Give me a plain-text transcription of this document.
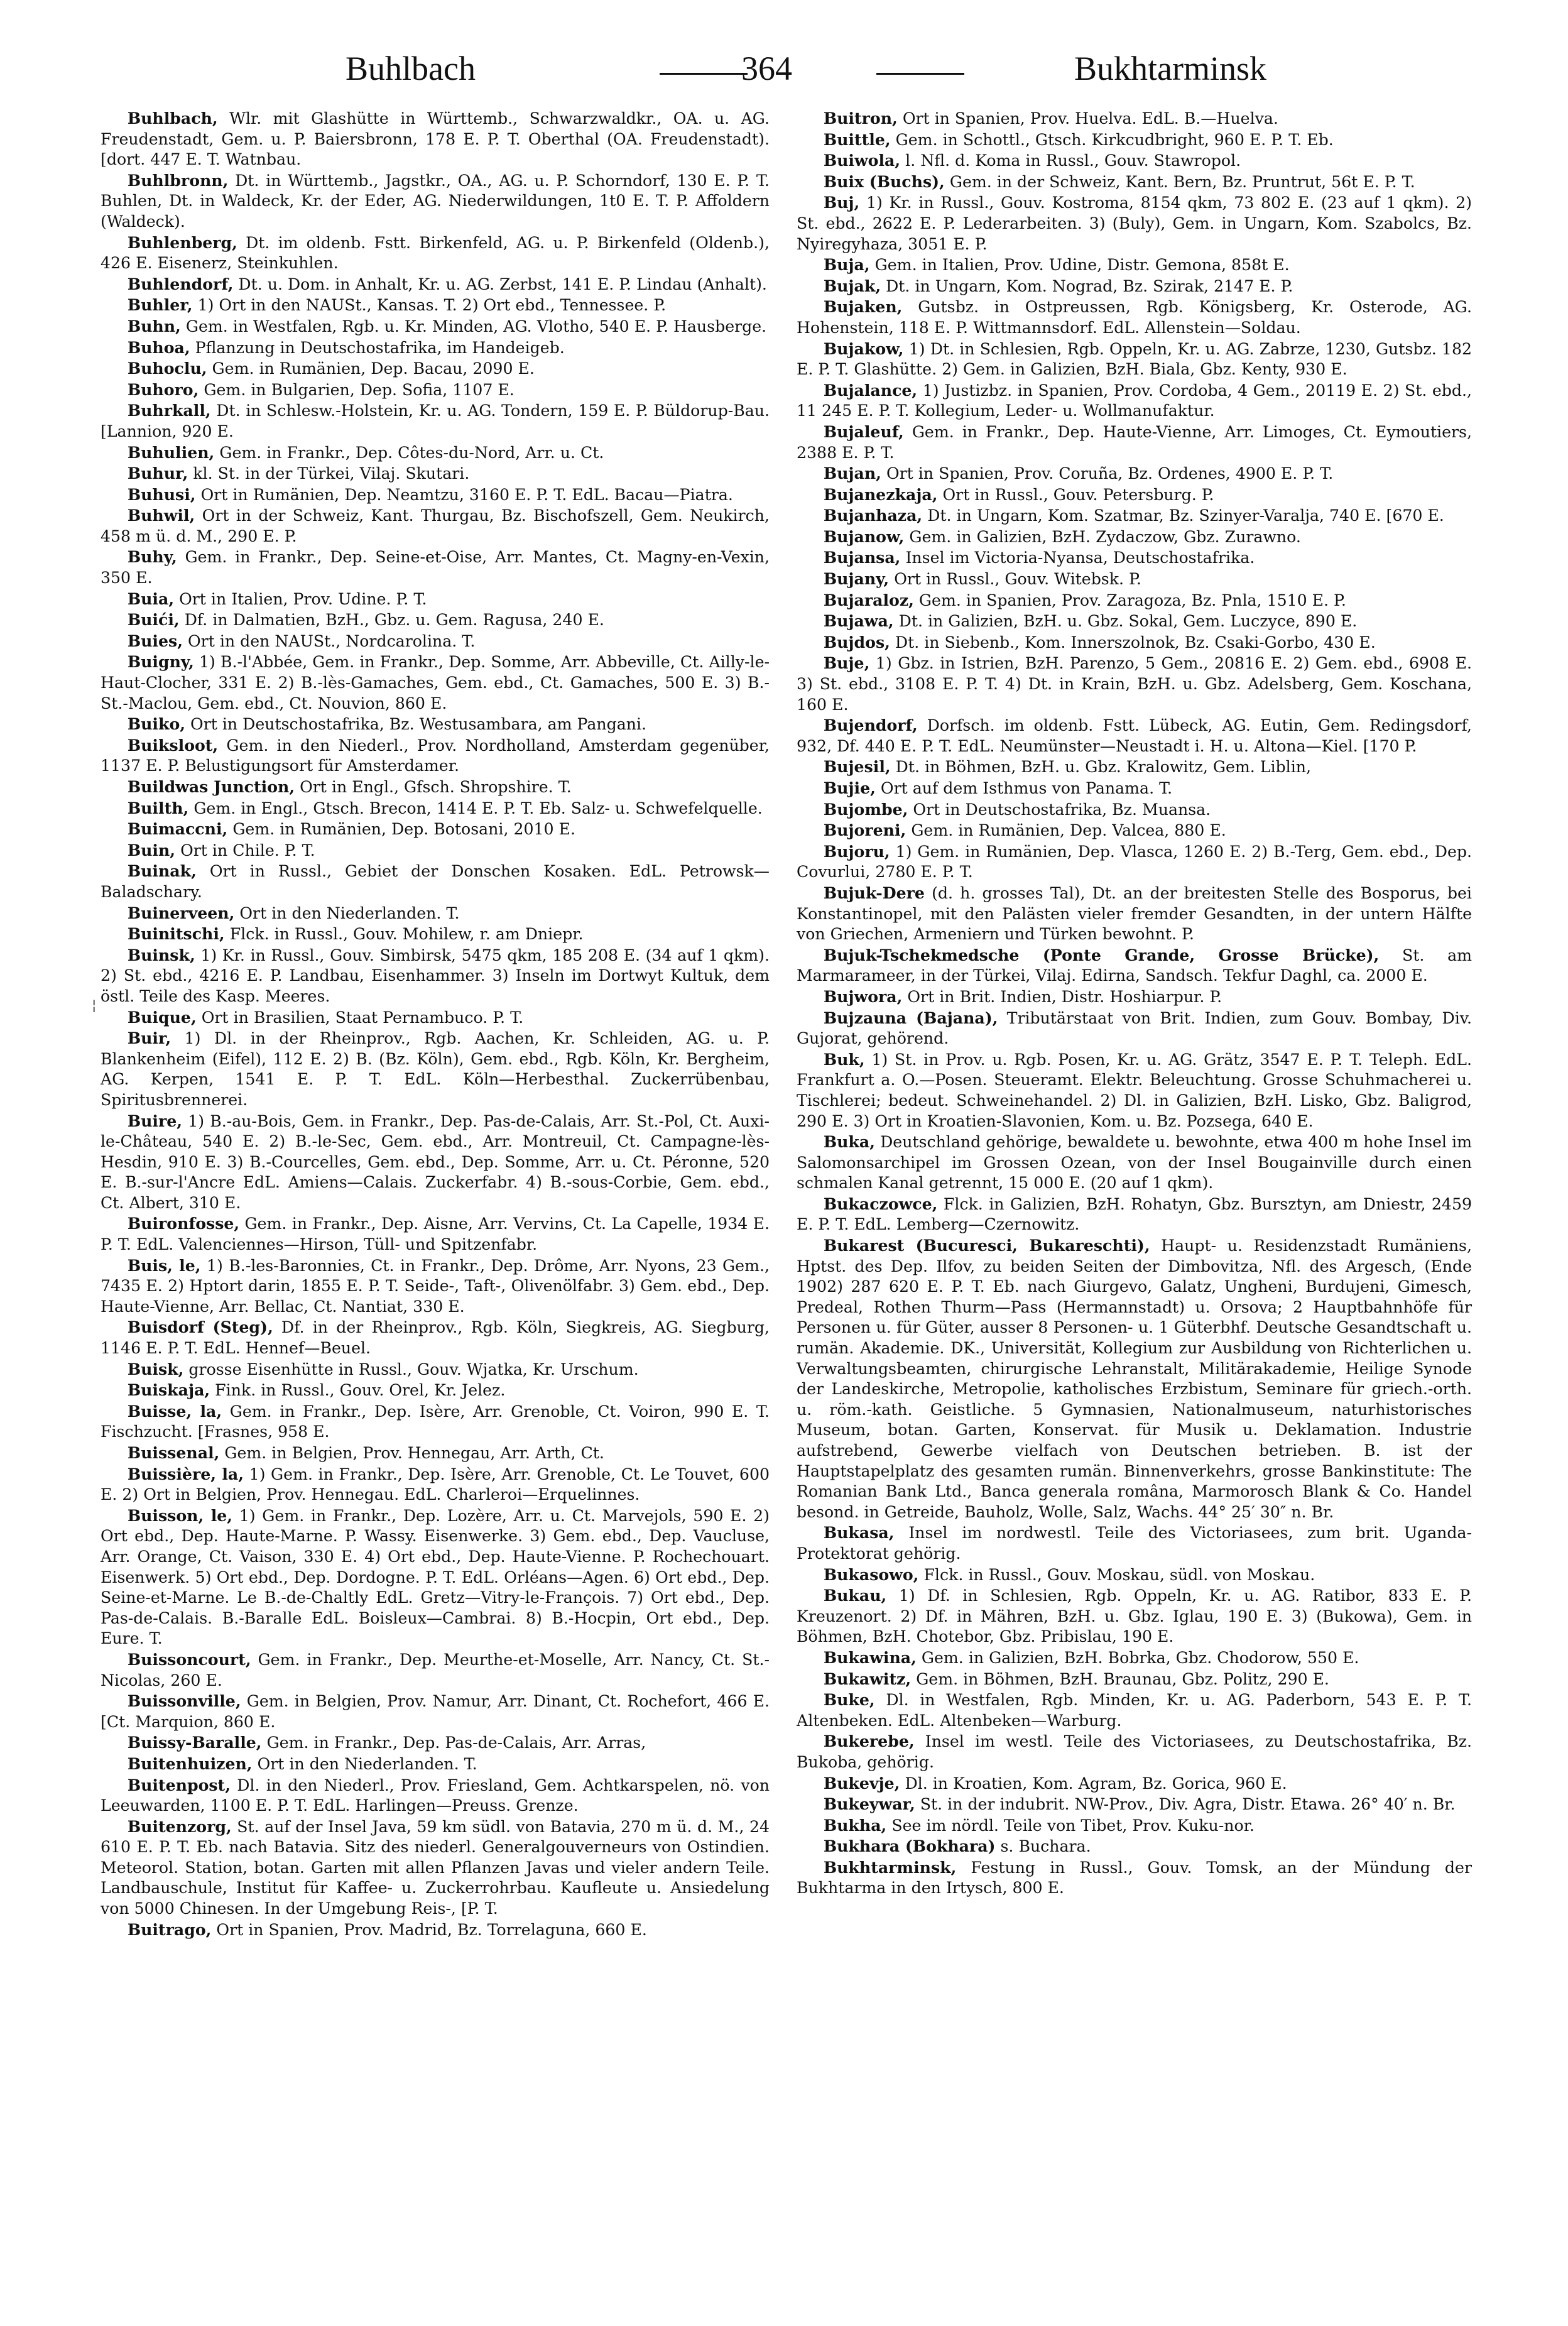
Buhlbach	364	Bukhtarminsk
¦

Buhlbach, Wlr. mit Glashütte in Württemb., Schwarzwaldkr., OA. u. AG. Freudenstadt, Gem. u. P. Baiersbronn, 178 E. P. T. Oberthal (OA. Freudenstadt). [dort. 447 E. T. Watnbau.

Buhlbronn, Dt. in Württemb., Jagstkr., OA., AG. u. P. Schorndorf, 130 E. P. T. Buhlen, Dt. in Waldeck, Kr. der Eder, AG. Niederwildungen, 1t0 E. T. P. Affoldern (Waldeck).

Buhlenberg, Dt. im oldenb. Fstt. Birkenfeld, AG. u. P. Birkenfeld (Oldenb.), 426 E. Eisenerz, Steinkuhlen.

Buhlendorf, Dt. u. Dom. in Anhalt, Kr. u. AG. Zerbst, 141 E. P. Lindau (Anhalt).

Buhler, 1) Ort in den NAUSt., Kansas. T. 2) Ort ebd., Tennessee. P.

Buhn, Gem. in Westfalen, Rgb. u. Kr. Minden, AG. Vlotho, 540 E. P. Hausberge.

Buhoa, Pflanzung in Deutschostafrika, im Handeigeb.

Buhoclu, Gem. in Rumänien, Dep. Bacau, 2090 E.

Buhoro, Gem. in Bulgarien, Dep. Sofia, 1107 E.

Buhrkall, Dt. in Schlesw.-Holstein, Kr. u. AG. Tondern, 159 E. P. Büldorup-Bau. [Lannion, 920 E.

Buhulien, Gem. in Frankr., Dep. Côtes-du-Nord, Arr. u. Ct.

Buhur, kl. St. in der Türkei, Vilaj. Skutari.

Buhusi, Ort in Rumänien, Dep. Neamtzu, 3160 E. P. T. EdL. Bacau—Piatra.

Buhwil, Ort in der Schweiz, Kant. Thurgau, Bz. Bischofszell, Gem. Neukirch, 458 m ü. d. M., 290 E. P.

Buhy, Gem. in Frankr., Dep. Seine-et-Oise, Arr. Mantes, Ct. Magny-en-Vexin, 350 E.

Buia, Ort in Italien, Prov. Udine. P. T.

Buići, Df. in Dalmatien, BzH., Gbz. u. Gem. Ragusa, 240 E.

Buies, Ort in den NAUSt., Nordcarolina. T.

Buigny, 1) B.-l'Abbée, Gem. in Frankr., Dep. Somme, Arr. Abbeville, Ct. Ailly-le-Haut-Clocher, 331 E. 2) B.-lès-Gamaches, Gem. ebd., Ct. Gamaches, 500 E. 3) B.-St.-Maclou, Gem. ebd., Ct. Nouvion, 860 E.

Buiko, Ort in Deutschostafrika, Bz. Westusambara, am Pangani.

Buiksloot, Gem. in den Niederl., Prov. Nordholland, Amsterdam gegenüber, 1137 E. P. Belustigungsort für Amsterdamer.

Buildwas Junction, Ort in Engl., Gfsch. Shropshire. T.

Builth, Gem. in Engl., Gtsch. Brecon, 1414 E. P. T. Eb. Salz- u. Schwefelquelle.

Buimaccni, Gem. in Rumänien, Dep. Botosani, 2010 E.

Buin, Ort in Chile. P. T.

Buinak, Ort in Russl., Gebiet der Donschen Kosaken. EdL. Petrowsk—Baladschary.

Buinerveen, Ort in den Niederlanden. T.

Buinitschi, Flck. in Russl., Gouv. Mohilew, r. am Dniepr.

Buinsk, 1) Kr. in Russl., Gouv. Simbirsk, 5475 qkm, 185 208 E. (34 auf 1 qkm). 2) St. ebd., 4216 E. P. Landbau, Eisenhammer. 3) Inseln im Dortwyt Kultuk, dem östl. Teile des Kasp. Meeres.

Buique, Ort in Brasilien, Staat Pernambuco. P. T.

Buir, 1) Dl. in der Rheinprov., Rgb. Aachen, Kr. Schleiden, AG. u. P. Blankenheim (Eifel), 112 E. 2) B. (Bz. Köln), Gem. ebd., Rgb. Köln, Kr. Bergheim, AG. Kerpen, 1541 E. P. T. EdL. Köln—Herbesthal. Zuckerrübenbau, Spiritusbrennerei.

Buire, 1) B.-au-Bois, Gem. in Frankr., Dep. Pas-de-Calais, Arr. St.-Pol, Ct. Auxi-le-Château, 540 E. 2) B.-le-Sec, Gem. ebd., Arr. Montreuil, Ct. Campagne-lès-Hesdin, 910 E. 3) B.-Courcelles, Gem. ebd., Dep. Somme, Arr. u. Ct. Péronne, 520 E. B.-sur-l'Ancre EdL. Amiens—Calais. Zuckerfabr. 4) B.-sous-Corbie, Gem. ebd., Ct. Albert, 310 E.

Buironfosse, Gem. in Frankr., Dep. Aisne, Arr. Vervins, Ct. La Capelle, 1934 E. P. T. EdL. Valenciennes—Hirson, Tüll- und Spitzenfabr.

Buis, le, 1) B.-les-Baronnies, Ct. in Frankr., Dep. Drôme, Arr. Nyons, 23 Gem., 7435 E. 2) Hptort darin, 1855 E. P. T. Seide-, Taft-, Olivenölfabr. 3) Gem. ebd., Dep. Haute-Vienne, Arr. Bellac, Ct. Nantiat, 330 E.

Buisdorf (Steg), Df. in der Rheinprov., Rgb. Köln, Siegkreis, AG. Siegburg, 1146 E. P. T. EdL. Hennef—Beuel.

Buisk, grosse Eisenhütte in Russl., Gouv. Wjatka, Kr. Urschum.

Buiskaja, Fink. in Russl., Gouv. Orel, Kr. Jelez.

Buisse, la, Gem. in Frankr., Dep. Isère, Arr. Grenoble, Ct. Voiron, 990 E. T. Fischzucht. [Frasnes, 958 E.

Buissenal, Gem. in Belgien, Prov. Hennegau, Arr. Arth, Ct.

Buissière, la, 1) Gem. in Frankr., Dep. Isère, Arr. Grenoble, Ct. Le Touvet, 600 E. 2) Ort in Belgien, Prov. Hennegau. EdL. Charleroi—Erquelinnes.

Buisson, le, 1) Gem. in Frankr., Dep. Lozère, Arr. u. Ct. Marvejols, 590 E. 2) Ort ebd., Dep. Haute-Marne. P. Wassy. Eisenwerke. 3) Gem. ebd., Dep. Vaucluse, Arr. Orange, Ct. Vaison, 330 E. 4) Ort ebd., Dep. Haute-Vienne. P. Rochechouart. Eisenwerk. 5) Ort ebd., Dep. Dordogne. P. T. EdL. Orléans—Agen. 6) Ort ebd., Dep. Seine-et-Marne. Le B.-de-Chaltly EdL. Gretz—Vitry-le-François. 7) Ort ebd., Dep. Pas-de-Calais. B.-Baralle EdL. Boisleux—Cambrai. 8) B.-Hocpin, Ort ebd., Dep. Eure. T.

Buissoncourt, Gem. in Frankr., Dep. Meurthe-et-Moselle, Arr. Nancy, Ct. St.-Nicolas, 260 E.

Buissonville, Gem. in Belgien, Prov. Namur, Arr. Dinant, Ct. Rochefort, 466 E. [Ct. Marquion, 860 E.

Buissy-Baralle, Gem. in Frankr., Dep. Pas-de-Calais, Arr. Arras,

Buitenhuizen, Ort in den Niederlanden. T.

Buitenpost, Dl. in den Niederl., Prov. Friesland, Gem. Achtkarspelen, nö. von Leeuwarden, 1100 E. P. T. EdL. Harlingen—Preuss. Grenze.

Buitenzorg, St. auf der Insel Java, 59 km südl. von Batavia, 270 m ü. d. M., 24 610 E. P. T. Eb. nach Batavia. Sitz des niederl. Generalgouverneurs von Ostindien. Meteorol. Station, botan. Garten mit allen Pflanzen Javas und vieler andern Teile. Landbauschule, Institut für Kaffee- u. Zuckerrohrbau. Kaufleute u. Ansiedelung von 5000 Chinesen. In der Umgebung Reis-, [P. T.

Buitrago, Ort in Spanien, Prov. Madrid, Bz. Torrelaguna, 660 E.

Buitron, Ort in Spanien, Prov. Huelva. EdL. B.—Huelva.

Buittle, Gem. in Schottl., Gtsch. Kirkcudbright, 960 E. P. T. Eb.

Buiwola, l. Nfl. d. Koma in Russl., Gouv. Stawropol.

Buix (Buchs), Gem. in der Schweiz, Kant. Bern, Bz. Pruntrut, 56t E. P. T.

Buj, 1) Kr. in Russl., Gouv. Kostroma, 8154 qkm, 73 802 E. (23 auf 1 qkm). 2) St. ebd., 2622 E. P. Lederarbeiten. 3) (Buly), Gem. in Ungarn, Kom. Szabolcs, Bz. Nyiregyhaza, 3051 E. P.

Buja, Gem. in Italien, Prov. Udine, Distr. Gemona, 858t E.

Bujak, Dt. in Ungarn, Kom. Nograd, Bz. Szirak, 2147 E. P.

Bujaken, Gutsbz. in Ostpreussen, Rgb. Königsberg, Kr. Osterode, AG. Hohenstein, 118 E. P. Wittmannsdorf. EdL. Allenstein—Soldau.

Bujakow, 1) Dt. in Schlesien, Rgb. Oppeln, Kr. u. AG. Zabrze, 1230, Gutsbz. 182 E. P. T. Glashütte. 2) Gem. in Galizien, BzH. Biala, Gbz. Kenty, 930 E.

Bujalance, 1) Justizbz. in Spanien, Prov. Cordoba, 4 Gem., 20119 E. 2) St. ebd., 11 245 E. P. T. Kollegium, Leder- u. Wollmanufaktur.

Bujaleuf, Gem. in Frankr., Dep. Haute-Vienne, Arr. Limoges, Ct. Eymoutiers, 2388 E. P. T.

Bujan, Ort in Spanien, Prov. Coruña, Bz. Ordenes, 4900 E. P. T.

Bujanezkaja, Ort in Russl., Gouv. Petersburg. P.

Bujanhaza, Dt. in Ungarn, Kom. Szatmar, Bz. Szinyer-Varalja, 740 E. [670 E.

Bujanow, Gem. in Galizien, BzH. Zydaczow, Gbz. Zurawno.

Bujansa, Insel im Victoria-Nyansa, Deutschostafrika.

Bujany, Ort in Russl., Gouv. Witebsk. P.

Bujaraloz, Gem. in Spanien, Prov. Zaragoza, Bz. Pnla, 1510 E. P.

Bujawa, Dt. in Galizien, BzH. u. Gbz. Sokal, Gem. Luczyce, 890 E.

Bujdos, Dt. in Siebenb., Kom. Innerszolnok, Bz. Csaki-Gorbo, 430 E.

Buje, 1) Gbz. in Istrien, BzH. Parenzo, 5 Gem., 20816 E. 2) Gem. ebd., 6908 E. 3) St. ebd., 3108 E. P. T. 4) Dt. in Krain, BzH. u. Gbz. Adelsberg, Gem. Koschana, 160 E.

Bujendorf, Dorfsch. im oldenb. Fstt. Lübeck, AG. Eutin, Gem. Redingsdorf, 932, Df. 440 E. P. T. EdL. Neumünster—Neustadt i. H. u. Altona—Kiel. [170 P.

Bujesil, Dt. in Böhmen, BzH. u. Gbz. Kralowitz, Gem. Liblin,

Bujie, Ort auf dem Isthmus von Panama. T.

Bujombe, Ort in Deutschostafrika, Bz. Muansa.

Bujoreni, Gem. in Rumänien, Dep. Valcea, 880 E.

Bujoru, 1) Gem. in Rumänien, Dep. Vlasca, 1260 E. 2) B.-Terg, Gem. ebd., Dep. Covurlui, 2780 E. P. T.

Bujuk-Dere (d. h. grosses Tal), Dt. an der breitesten Stelle des Bosporus, bei Konstantinopel, mit den Palästen vieler fremder Gesandten, in der untern Hälfte von Griechen, Armeniern und Türken bewohnt. P.

Bujuk-Tschekmedsche (Ponte Grande, Grosse Brücke), St. am Marmarameer, in der Türkei, Vilaj. Edirna, Sandsch. Tekfur Daghl, ca. 2000 E.

Bujwora, Ort in Brit. Indien, Distr. Hoshiarpur. P.

Bujzauna (Bajana), Tributärstaat von Brit. Indien, zum Gouv. Bombay, Div. Gujorat, gehörend.

Buk, 1) St. in Prov. u. Rgb. Posen, Kr. u. AG. Grätz, 3547 E. P. T. Teleph. EdL. Frankfurt a. O.—Posen. Steueramt. Elektr. Beleuchtung. Grosse Schuhmacherei u. Tischlerei; bedeut. Schweinehandel. 2) Dl. in Galizien, BzH. Lisko, Gbz. Baligrod, 290 E. 3) Ort in Kroatien-Slavonien, Kom. u. Bz. Pozsega, 640 E.

Buka, Deutschland gehörige, bewaldete u. bewohnte, etwa 400 m hohe Insel im Salomonsarchipel im Grossen Ozean, von der Insel Bougainville durch einen schmalen Kanal getrennt, 15 000 E. (20 auf 1 qkm).

Bukaczowce, Flck. in Galizien, BzH. Rohatyn, Gbz. Bursztyn, am Dniestr, 2459 E. P. T. EdL. Lemberg—Czernowitz.

Bukarest (Bucuresci, Bukareschti), Haupt- u. Residenzstadt Rumäniens, Hptst. des Dep. Ilfov, zu beiden Seiten der Dimbovitza, Nfl. des Argesch, (Ende 1902) 287 620 E. P. T. Eb. nach Giurgevo, Galatz, Ungheni, Burdujeni, Gimesch, Predeal, Rothen Thurm—Pass (Hermannstadt) u. Orsova; 2 Hauptbahnhöfe für Personen u. für Güter, ausser 8 Personen- u. 1 Güterbhf. Deutsche Gesandtschaft u. rumän. Akademie. DK., Universität, Kollegium zur Ausbildung von Richterlichen u. Verwaltungsbeamten, chirurgische Lehranstalt, Militärakademie, Heilige Synode der Landeskirche, Metropolie, katholisches Erzbistum, Seminare für griech.-orth. u. röm.-kath. Geistliche. 5 Gymnasien, Nationalmuseum, naturhistorisches Museum, botan. Garten, Konservat. für Musik u. Deklamation. Industrie aufstrebend, Gewerbe vielfach von Deutschen betrieben. B. ist der Hauptstapelplatz des gesamten rumän. Binnenverkehrs, grosse Bankinstitute: The Romanian Bank Ltd., Banca generala româna, Marmorosch Blank & Co. Handel besond. in Getreide, Bauholz, Wolle, Salz, Wachs. 44° 25′ 30″ n. Br.

Bukasa, Insel im nordwestl. Teile des Victoriasees, zum brit. Uganda-Protektorat gehörig.

Bukasowo, Flck. in Russl., Gouv. Moskau, südl. von Moskau.

Bukau, 1) Df. in Schlesien, Rgb. Oppeln, Kr. u. AG. Ratibor, 833 E. P. Kreuzenort. 2) Df. in Mähren, BzH. u. Gbz. Iglau, 190 E. 3) (Bukowa), Gem. in Böhmen, BzH. Chotebor, Gbz. Pribislau, 190 E.

Bukawina, Gem. in Galizien, BzH. Bobrka, Gbz. Chodorow, 550 E.

Bukawitz, Gem. in Böhmen, BzH. Braunau, Gbz. Politz, 290 E.

Buke, Dl. in Westfalen, Rgb. Minden, Kr. u. AG. Paderborn, 543 E. P. T. Altenbeken. EdL. Altenbeken—Warburg.

Bukerebe, Insel im westl. Teile des Victoriasees, zu Deutschostafrika, Bz. Bukoba, gehörig.

Bukevje, Dl. in Kroatien, Kom. Agram, Bz. Gorica, 960 E.

Bukeywar, St. in der indubrit. NW-Prov., Div. Agra, Distr. Etawa. 26° 40′ n. Br.

Bukha, See im nördl. Teile von Tibet, Prov. Kuku-nor.

Bukhara (Bokhara) s. Buchara.

Bukhtarminsk, Festung in Russl., Gouv. Tomsk, an der Mündung der Bukhtarma in den Irtysch, 800 E.
